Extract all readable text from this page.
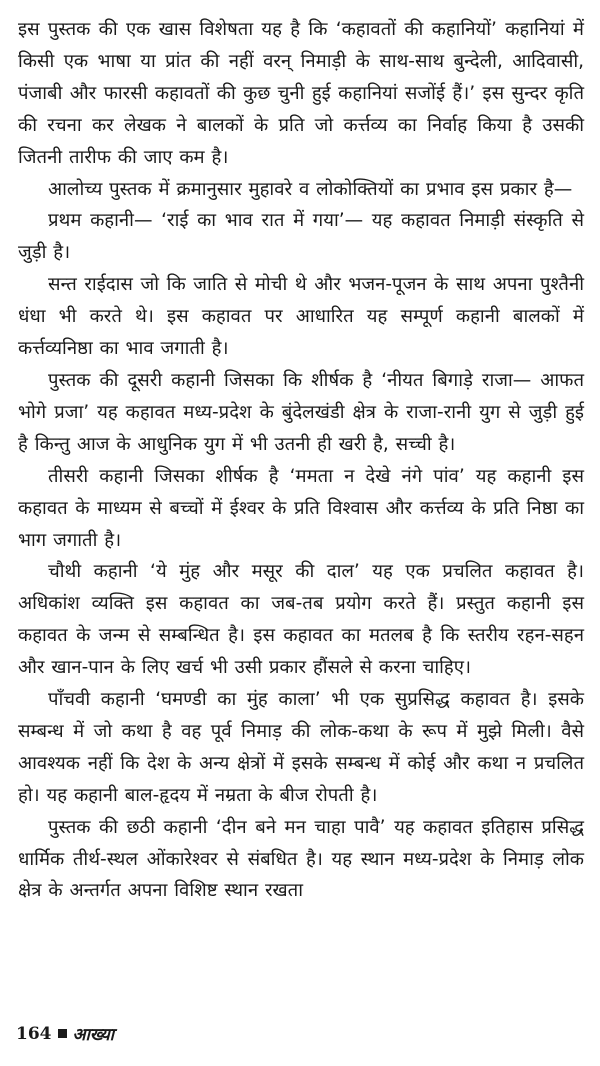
इस पुस्तक की एक खास विशेषता यह है कि ‘कहावतों की कहानियों’ कहानियां में किसी एक भाषा या प्रांत की नहीं वरन् निमाड़ी के साथ-साथ बुन्देली, आदिवासी, पंजाबी और फारसी कहावतों की कुछ चुनी हुई कहानियां सजोंई हैं।’ इस सुन्दर कृति की रचना कर लेखक ने बालकों के प्रति जो कर्त्तव्य का निर्वाह किया है उसकी जितनी तारीफ की जाए कम है।

आलोच्य पुस्तक में क्रमानुसार मुहावरे व लोकोक्तियों का प्रभाव इस प्रकार है—

प्रथम कहानी— ‘राई का भाव रात में गया’— यह कहावत निमाड़ी संस्कृति से जुड़ी है।

सन्त राईदास जो कि जाति से मोची थे और भजन-पूजन के साथ अपना पुश्तैनी धंधा भी करते थे। इस कहावत पर आधारित यह सम्पूर्ण कहानी बालकों में कर्त्तव्यनिष्ठा का भाव जगाती है।

पुस्तक की दूसरी कहानी जिसका कि शीर्षक है ‘नीयत बिगाड़े राजा— आफत भोगे प्रजा’ यह कहावत मध्य-प्रदेश के बुंदेलखंडी क्षेत्र के राजा-रानी युग से जुड़ी हुई है किन्तु आज के आधुनिक युग में भी उतनी ही खरी है, सच्ची है।

तीसरी कहानी जिसका शीर्षक है ‘ममता न देखे नंगे पांव’ यह कहानी इस कहावत के माध्यम से बच्चों में ईश्वर के प्रति विश्वास और कर्त्तव्य के प्रति निष्ठा का भाग जगाती है।

चौथी कहानी ‘ये मुंह और मसूर की दाल’ यह एक प्रचलित कहावत है। अधिकांश व्यक्ति इस कहावत का जब-तब प्रयोग करते हैं। प्रस्तुत कहानी इस कहावत के जन्म से सम्बन्धित है। इस कहावत का मतलब है कि स्तरीय रहन-सहन और खान-पान के लिए खर्च भी उसी प्रकार हौंसले से करना चाहिए।

पाँचवी कहानी ‘घमण्डी का मुंह काला’ भी एक सुप्रसिद्ध कहावत है। इसके सम्बन्ध में जो कथा है वह पूर्व निमाड़ की लोक-कथा के रूप में मुझे मिली। वैसे आवश्यक नहीं कि देश के अन्य क्षेत्रों में इसके सम्बन्ध में कोई और कथा न प्रचलित हो। यह कहानी बाल-हृदय में नम्रता के बीज रोपती है।

पुस्तक की छठी कहानी ‘दीन बने मन चाहा पावै’ यह कहावत इतिहास प्रसिद्ध धार्मिक तीर्थ-स्थल ओंकारेश्वर से संबधित है। यह स्थान मध्य-प्रदेश के निमाड़ लोक क्षेत्र के अन्तर्गत अपना विशिष्ट स्थान रखता

164 आख्या
